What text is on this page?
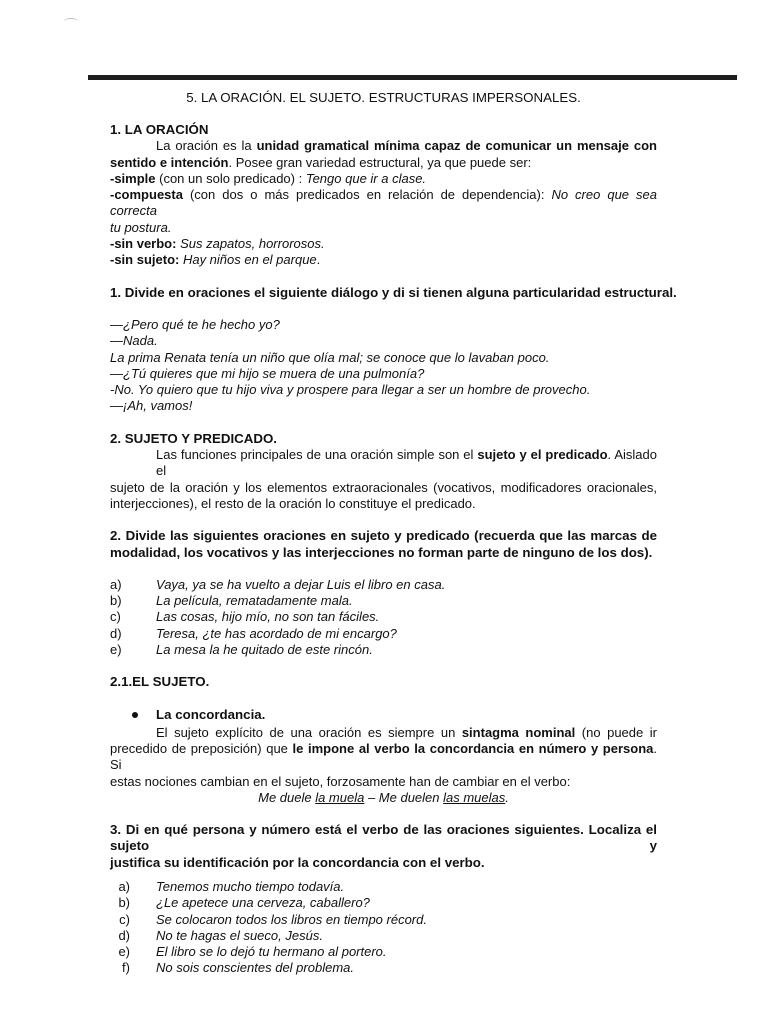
5. LA ORACIÓN. EL SUJETO. ESTRUCTURAS IMPERSONALES.
1. LA ORACIÓN
La oración es la unidad gramatical mínima capaz de comunicar un mensaje con
sentido e intención. Posee gran variedad estructural, ya que puede ser:
-simple (con un solo predicado) : Tengo que ir a clase.
-compuesta (con dos o más predicados en relación de dependencia): No creo que sea correcta
tu postura.
-sin verbo: Sus zapatos, horrorosos.
-sin sujeto: Hay niños en el parque.
1. Divide en oraciones el siguiente diálogo y di si tienen alguna particularidad estructural.
—¿Pero qué te he hecho yo?
—Nada.
La prima Renata tenía un niño que olía mal; se conoce que lo lavaban poco.
—¿Tú quieres que mi hijo se muera de una pulmonía?
-No. Yo quiero que tu hijo viva y prospere para llegar a ser un hombre de provecho.
—¡Ah, vamos!
2. SUJETO Y PREDICADO.
Las funciones principales de una oración simple son el sujeto y el predicado. Aislado el
sujeto de la oración y los elementos extraoracionales (vocativos, modificadores oracionales,
interjecciones), el resto de la oración lo constituye el predicado.
2. Divide las siguientes oraciones en sujeto y predicado (recuerda que las marcas de
modalidad, los vocativos y las interjecciones no forman parte de ninguno de los dos).
a)	Vaya, ya se ha vuelto a dejar Luis el libro en casa.
b)	La película, rematadamente mala.
c)	Las cosas, hijo mío, no son tan fáciles.
d)	Teresa, ¿te has acordado de mi encargo?
e)	La mesa la he quitado de este rincón.
2.1.EL SUJETO.
La concordancia.
El sujeto explícito de una oración es siempre un sintagma nominal (no puede ir
precedido de preposición) que le impone al verbo la concordancia en número y persona. Si
estas nociones cambian en el sujeto, forzosamente han de cambiar en el verbo:
Me duele la muela – Me duelen las muelas.
3. Di en qué persona y número está el verbo de las oraciones siguientes. Localiza el sujeto y
justifica su identificación por la concordancia con el verbo.
a) Tenemos mucho tiempo todavía.
b) ¿Le apetece una cerveza, caballero?
c) Se colocaron todos los libros en tiempo récord.
d) No te hagas el sueco, Jesús.
e) El libro se lo dejó tu hermano al portero.
f) No sois conscientes del problema.
